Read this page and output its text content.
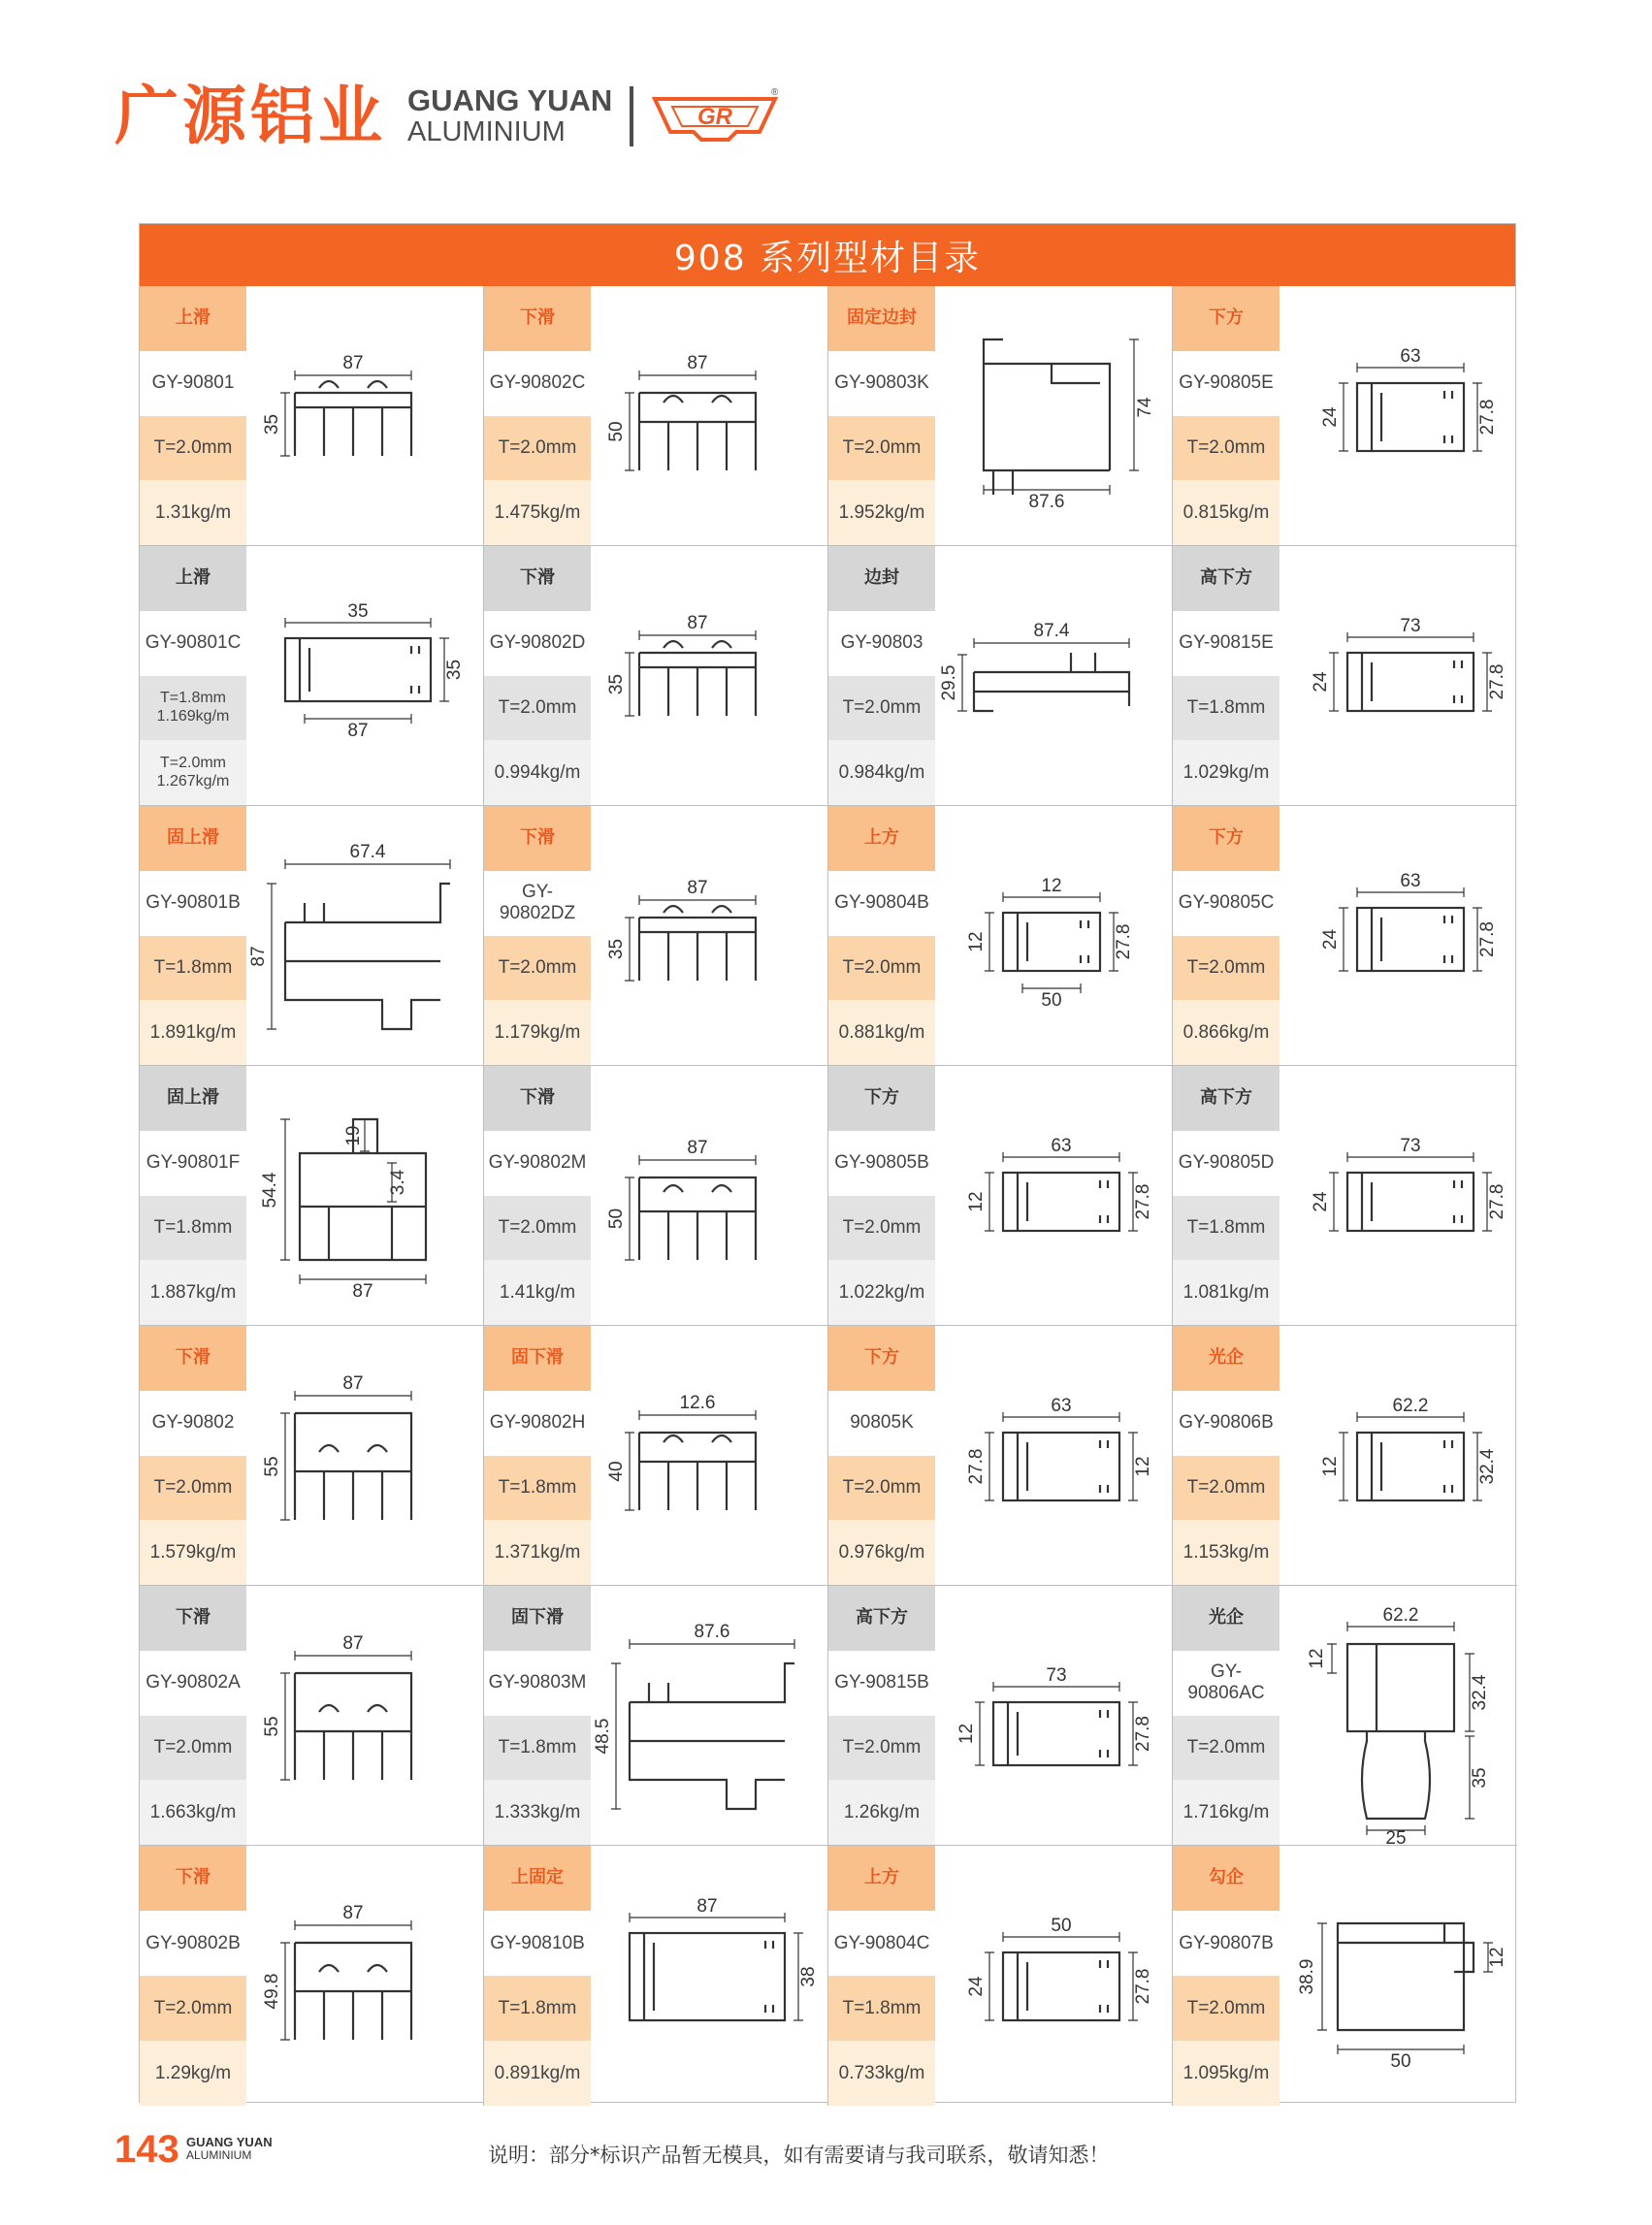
广源铝业 GUANG YUAN
ALUMINIUM	GR
®
908 系列型材目录
上滑
GY-90801
T=2.0mm
1.31kg/m
87
35
下滑
GY-90802C
T=2.0mm
1.475kg/m
87
50
固定边封
GY-90803K
T=2.0mm
1.952kg/m
74
87.6
下方
GY-90805E
T=2.0mm
0.815kg/m
63
24	27.8
上滑
GY-90801C
T=1.8mm
1.169kg/m
T=2.0mm
1.267kg/m
35
35
87
下滑
GY-90802D
T=2.0mm
0.994kg/m
87
35
边封
GY-90803
T=2.0mm
0.984kg/m
87.4
29.5
高下方
GY-90815E
T=1.8mm
1.029kg/m
73
24	27.8
固上滑
GY-90801B
T=1.8mm
1.891kg/m
67.4
87
下滑
GY-90802DZ
T=2.0mm
1.179kg/m
87
35
上方
GY-90804B
T=2.0mm
0.881kg/m
12
12	27.8
50
下方
GY-90805C
T=2.0mm
0.866kg/m
63
24	27.8
固上滑
GY-90801F
T=1.8mm
1.887kg/m
19
3.4
54.4
87
下滑
GY-90802M
T=2.0mm
1.41kg/m
87
50
下方
GY-90805B
T=2.0mm
1.022kg/m
63
12	27.8
高下方
GY-90805D
T=1.8mm
1.081kg/m
73
24	27.8
下滑
GY-90802
T=2.0mm
1.579kg/m
87
55
固下滑
GY-90802H
T=1.8mm
1.371kg/m
12.6
40
下方
90805K
T=2.0mm
0.976kg/m
63
27.8	12
光企
GY-90806B
T=2.0mm
1.153kg/m
62.2
12	32.4
下滑
GY-90802A
T=2.0mm
1.663kg/m
87
55
固下滑
GY-90803M
T=1.8mm
1.333kg/m
87.6
48.5
高下方
GY-90815B
T=2.0mm
1.26kg/m
73
12	27.8
光企
GY-90806AC
T=2.0mm
1.716kg/m
62.2
12
32.4
35
25
下滑
GY-90802B
T=2.0mm
1.29kg/m
87
49.8
上固定
GY-90810B
T=1.8mm
0.891kg/m
87
38
上方
GY-90804C
T=1.8mm
0.733kg/m
50
24	27.8
勾企
GY-90807B
T=2.0mm
1.095kg/m
38.9
12
50
143 GUANG YUAN
ALUMINIUM	说明：部分*标识产品暂无模具，如有需要请与我司联系，敬请知悉！
